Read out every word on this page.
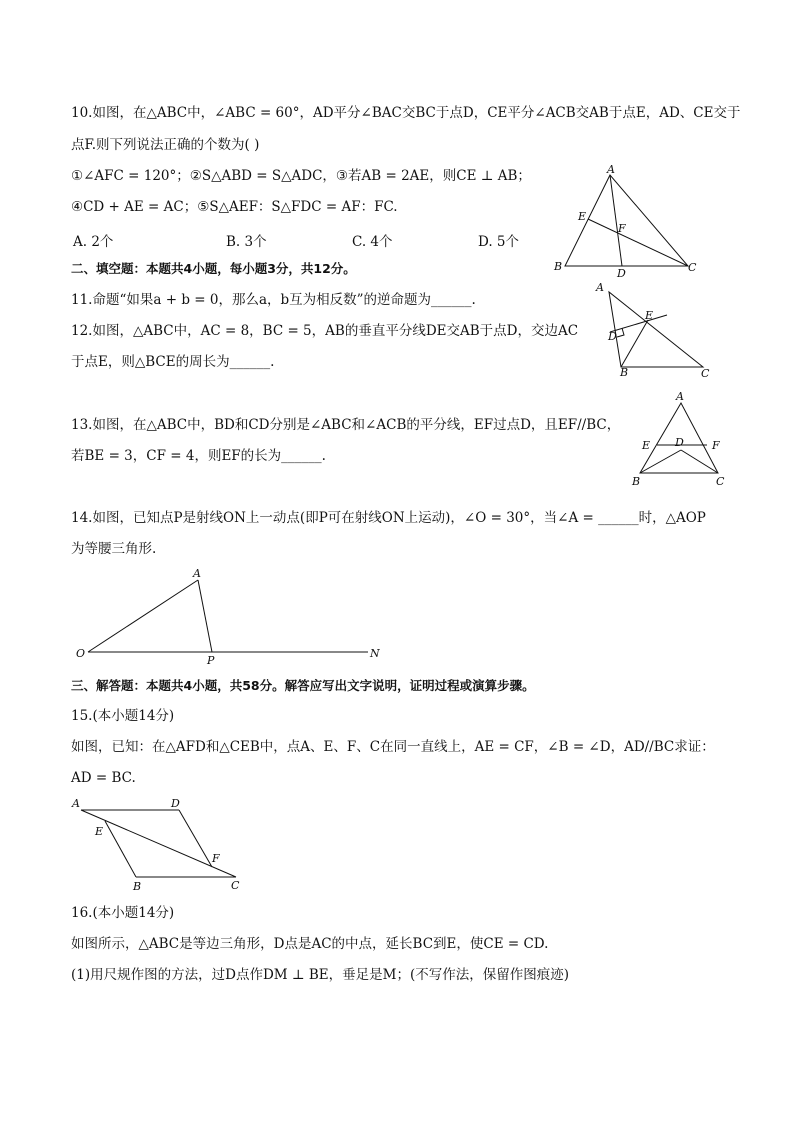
10.如图，在△ABC中，∠ABC = 60°，AD平分∠BAC交BC于点D，CE平分∠ACB交AB于点E，AD、CE交于
点F.则下列说法正确的个数为( )
①∠AFC = 120°；②S△ABD = S△ADC，③若AB = 2AE，则CE ⊥ AB；
④CD + AE = AC；⑤S△AEF：S△FDC = AF：FC.
A. 2个	B. 3个	C. 4个	D. 5个
A
B	C
D
E
F
二、填空题：本题共4小题，每小题3分，共12分。
11.命题“如果a + b = 0，那么a，b互为相反数”的逆命题为______.
12.如图，△ABC中，AC = 8，BC = 5，AB的垂直平分线DE交AB于点D，交边AC
于点E，则△BCE的周长为______.
A
B	C
D
E
13.如图，在△ABC中，BD和CD分别是∠ABC和∠ACB的平分线，EF过点D，且EF//BC，
若BE = 3，CF = 4，则EF的长为______.
A
B	C
D
E	F
14.如图，已知点P是射线ON上一动点(即P可在射线ON上运动)，∠O = 30°，当∠A = ______时，△AOP
为等腰三角形.
A
O
P
N
三、解答题：本题共4小题，共58分。解答应写出文字说明，证明过程或演算步骤。
15.(本小题14分)
如图，已知：在△AFD和△CEB中，点A、E、F、C在同一直线上，AE = CF，∠B = ∠D，AD//BC求证：
AD = BC.
A	D
E
F
B	C
16.(本小题14分)
如图所示，△ABC是等边三角形，D点是AC的中点，延长BC到E，使CE = CD.
(1)用尺规作图的方法，过D点作DM ⊥ BE，垂足是M；(不写作法，保留作图痕迹)
